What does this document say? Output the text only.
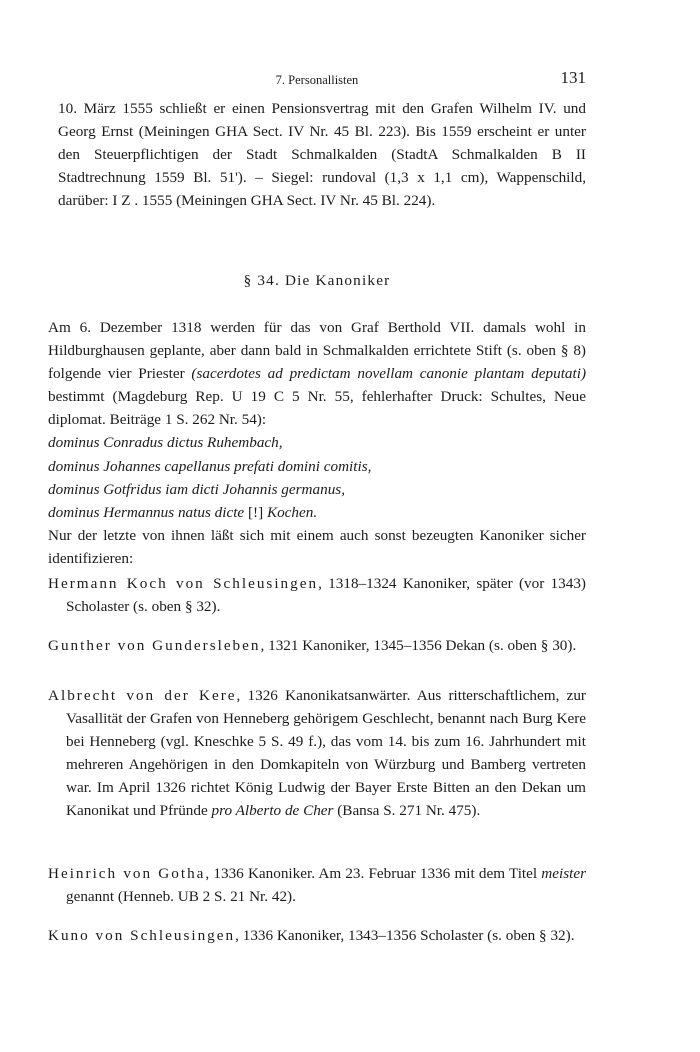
7. Personallisten	131

10. März 1555 schließt er einen Pensionsvertrag mit den Grafen Wilhelm IV. und Georg Ernst (Meiningen GHA Sect. IV Nr. 45 Bl. 223). Bis 1559 erscheint er unter den Steuerpflichtigen der Stadt Schmalkalden (StadtA Schmalkalden B II Stadtrechnung 1559 Bl. 51'). – Siegel: rundoval (1,3 x 1,1 cm), Wappenschild, darüber: I Z . 1555 (Meiningen GHA Sect. IV Nr. 45 Bl. 224).

§ 34. Die Kanoniker

Am 6. Dezember 1318 werden für das von Graf Berthold VII. damals wohl in Hildburghausen geplante, aber dann bald in Schmalkalden errichtete Stift (s. oben § 8) folgende vier Priester (sacerdotes ad predictam novellam canonie plantam deputati) bestimmt (Magdeburg Rep. U 19 C 5 Nr. 55, fehlerhafter Druck: Schultes, Neue diplomat. Beiträge 1 S. 262 Nr. 54):

dominus Conradus dictus Ruhembach,
dominus Johannes capellanus prefati domini comitis,
dominus Gotfridus iam dicti Johannis germanus,
dominus Hermannus natus dicte [!] Kochen.

Nur der letzte von ihnen läßt sich mit einem auch sonst bezeugten Kanoniker sicher identifizieren:

Hermann Koch von Schleusingen, 1318–1324 Kanoniker, später (vor 1343) Scholaster (s. oben § 32).

Gunther von Gundersleben, 1321 Kanoniker, 1345–1356 Dekan (s. oben § 30).

Albrecht von der Kere, 1326 Kanonikatsanwärter. Aus ritterschaftlichem, zur Vasallität der Grafen von Henneberg gehörigem Geschlecht, benannt nach Burg Kere bei Henneberg (vgl. Kneschke 5 S. 49 f.), das vom 14. bis zum 16. Jahrhundert mit mehreren Angehörigen in den Domkapiteln von Würzburg und Bamberg vertreten war. Im April 1326 richtet König Ludwig der Bayer Erste Bitten an den Dekan um Kanonikat und Pfründe pro Alberto de Cher (Bansa S. 271 Nr. 475).

Heinrich von Gotha, 1336 Kanoniker. Am 23. Februar 1336 mit dem Titel meister genannt (Henneb. UB 2 S. 21 Nr. 42).

Kuno von Schleusingen, 1336 Kanoniker, 1343–1356 Scholaster (s. oben § 32).
